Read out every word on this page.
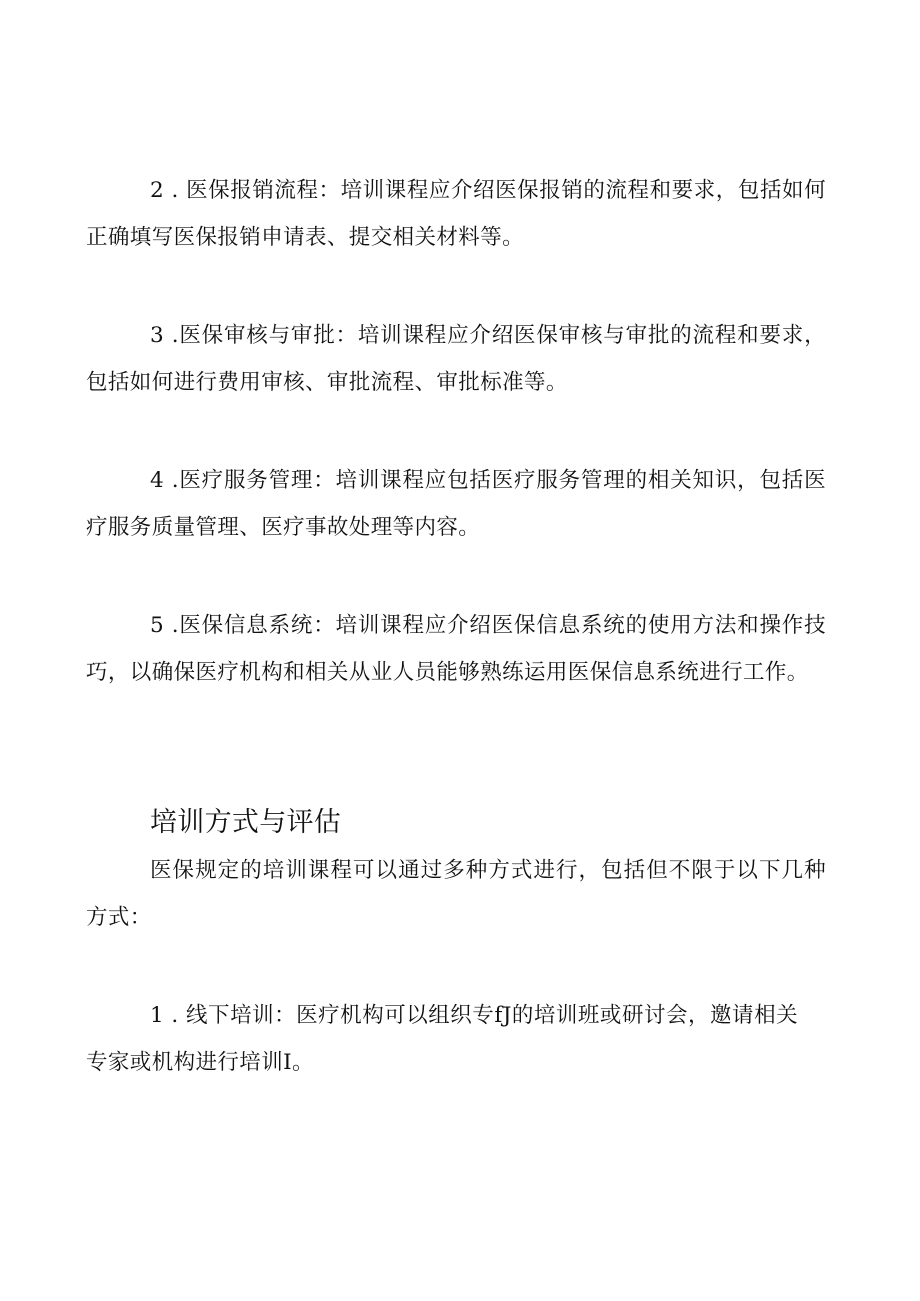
2 . 医保报销流程：培训课程应介绍医保报销的流程和要求，包括如何正确填写医保报销申请表、提交相关材料等。

3 .医保审核与审批：培训课程应介绍医保审核与审批的流程和要求，包括如何进行费用审核、审批流程、审批标准等。

4 .医疗服务管理：培训课程应包括医疗服务管理的相关知识，包括医疗服务质量管理、医疗事故处理等内容。

5 .医保信息系统：培训课程应介绍医保信息系统的使用方法和操作技巧，以确保医疗机构和相关从业人员能够熟练运用医保信息系统进行工作。

培训方式与评估

医保规定的培训课程可以通过多种方式进行，包括但不限于以下几种方式：

1 . 线下培训：医疗机构可以组织专fJ的培训班或研讨会，邀请相关专家或机构进行培训I。
